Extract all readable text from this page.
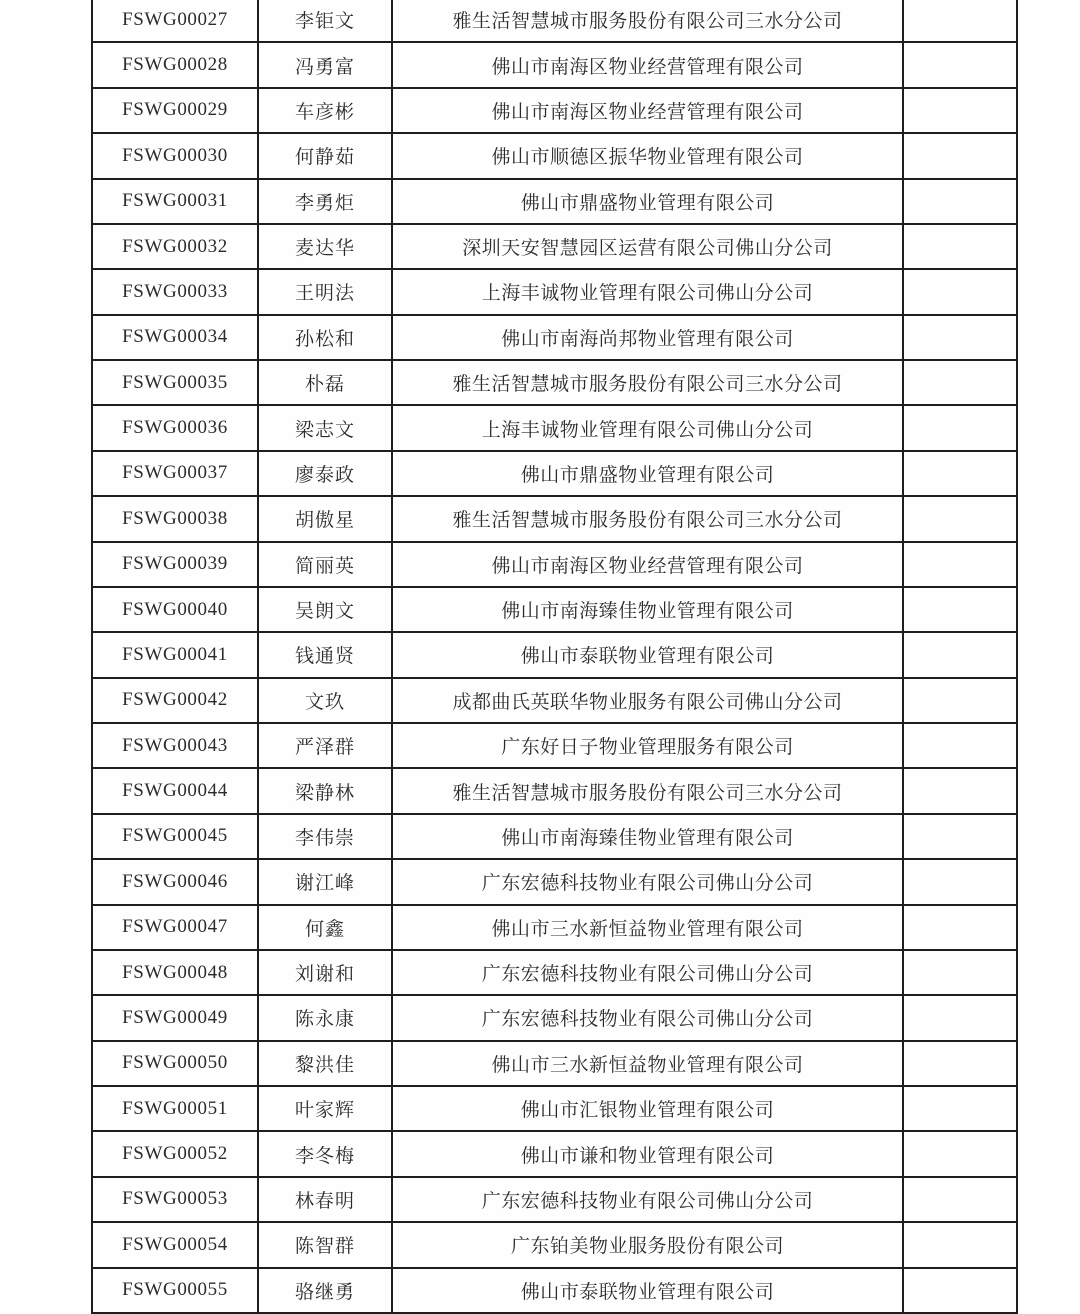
FSWG00027	李钜文	雅生活智慧城市服务股份有限公司三水分公司	
FSWG00028	冯勇富	佛山市南海区物业经营管理有限公司	
FSWG00029	车彦彬	佛山市南海区物业经营管理有限公司	
FSWG00030	何静茹	佛山市顺德区振华物业管理有限公司	
FSWG00031	李勇炬	佛山市鼎盛物业管理有限公司	
FSWG00032	麦达华	深圳天安智慧园区运营有限公司佛山分公司	
FSWG00033	王明法	上海丰诚物业管理有限公司佛山分公司	
FSWG00034	孙松和	佛山市南海尚邦物业管理有限公司	
FSWG00035	朴磊	雅生活智慧城市服务股份有限公司三水分公司	
FSWG00036	梁志文	上海丰诚物业管理有限公司佛山分公司	
FSWG00037	廖泰政	佛山市鼎盛物业管理有限公司	
FSWG00038	胡傲星	雅生活智慧城市服务股份有限公司三水分公司	
FSWG00039	简丽英	佛山市南海区物业经营管理有限公司	
FSWG00040	吴朗文	佛山市南海臻佳物业管理有限公司	
FSWG00041	钱通贤	佛山市泰联物业管理有限公司	
FSWG00042	文玖	成都曲氏英联华物业服务有限公司佛山分公司	
FSWG00043	严泽群	广东好日子物业管理服务有限公司	
FSWG00044	梁静林	雅生活智慧城市服务股份有限公司三水分公司	
FSWG00045	李伟崇	佛山市南海臻佳物业管理有限公司	
FSWG00046	谢江峰	广东宏德科技物业有限公司佛山分公司	
FSWG00047	何鑫	佛山市三水新恒益物业管理有限公司	
FSWG00048	刘谢和	广东宏德科技物业有限公司佛山分公司	
FSWG00049	陈永康	广东宏德科技物业有限公司佛山分公司	
FSWG00050	黎洪佳	佛山市三水新恒益物业管理有限公司	
FSWG00051	叶家辉	佛山市汇银物业管理有限公司	
FSWG00052	李冬梅	佛山市谦和物业管理有限公司	
FSWG00053	林春明	广东宏德科技物业有限公司佛山分公司	
FSWG00054	陈智群	广东铂美物业服务股份有限公司	
FSWG00055	骆继勇	佛山市泰联物业管理有限公司	
